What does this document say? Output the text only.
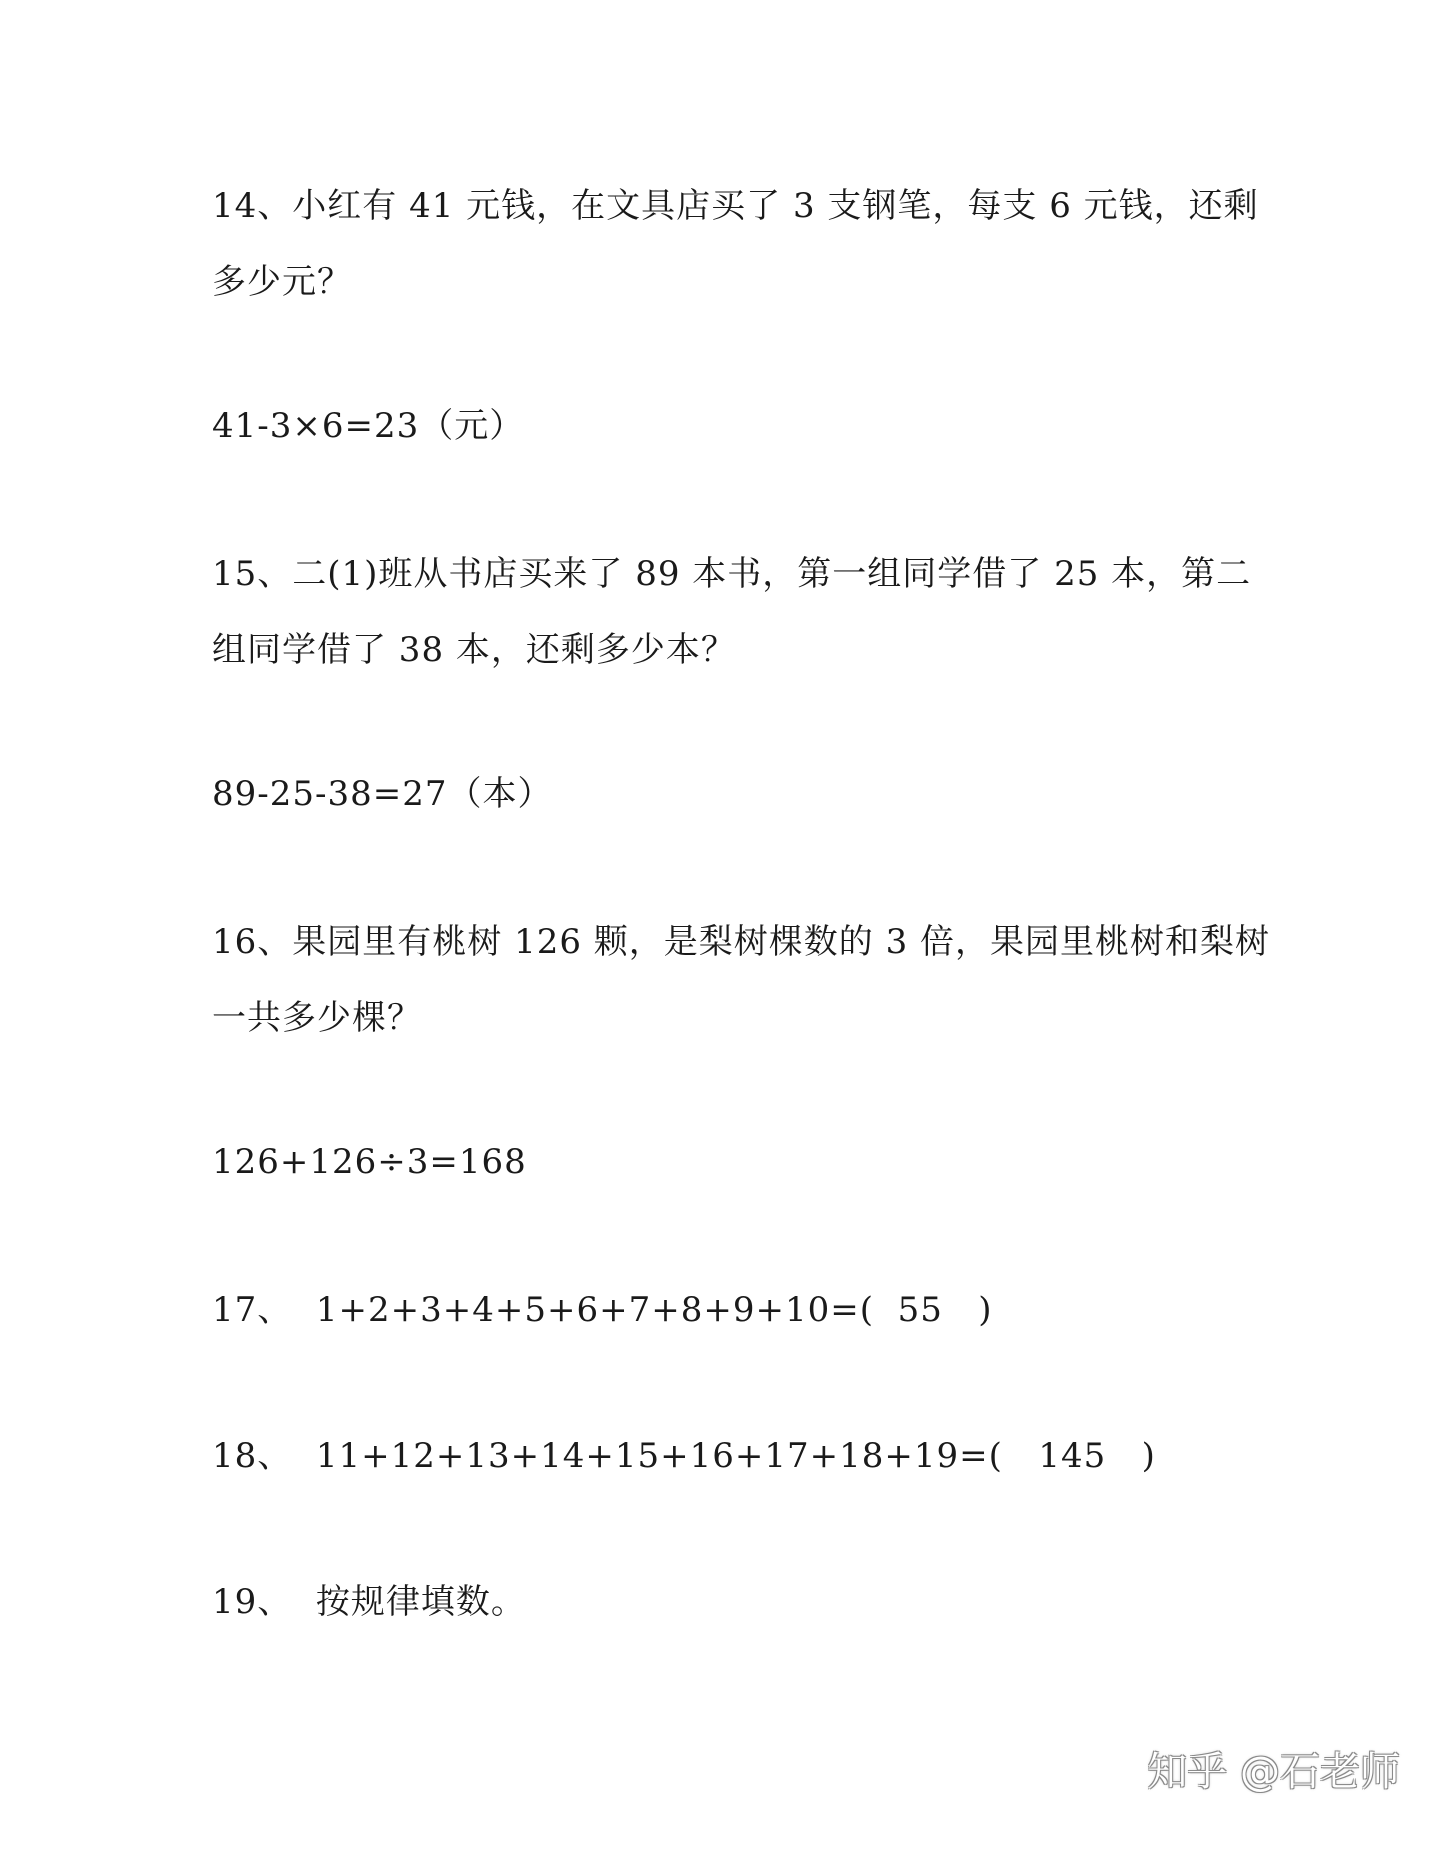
14、小红有 41 元钱，在文具店买了 3 支钢笔，每支 6 元钱，还剩
多少元？
41-3×6=23（元）
15、二(1)班从书店买来了 89 本书，第一组同学借了 25 本，第二
组同学借了 38 本，还剩多少本？
89-25-38=27（本）
16、果园里有桃树 126 颗，是梨树棵数的 3 倍，果园里桃树和梨树
一共多少棵？
126+126÷3=168
17、  1+2+3+4+5+6+7+8+9+10=(  55   )
18、  11+12+13+14+15+16+17+18+19=(   145   )
19、  按规律填数。
知乎 @石老师
